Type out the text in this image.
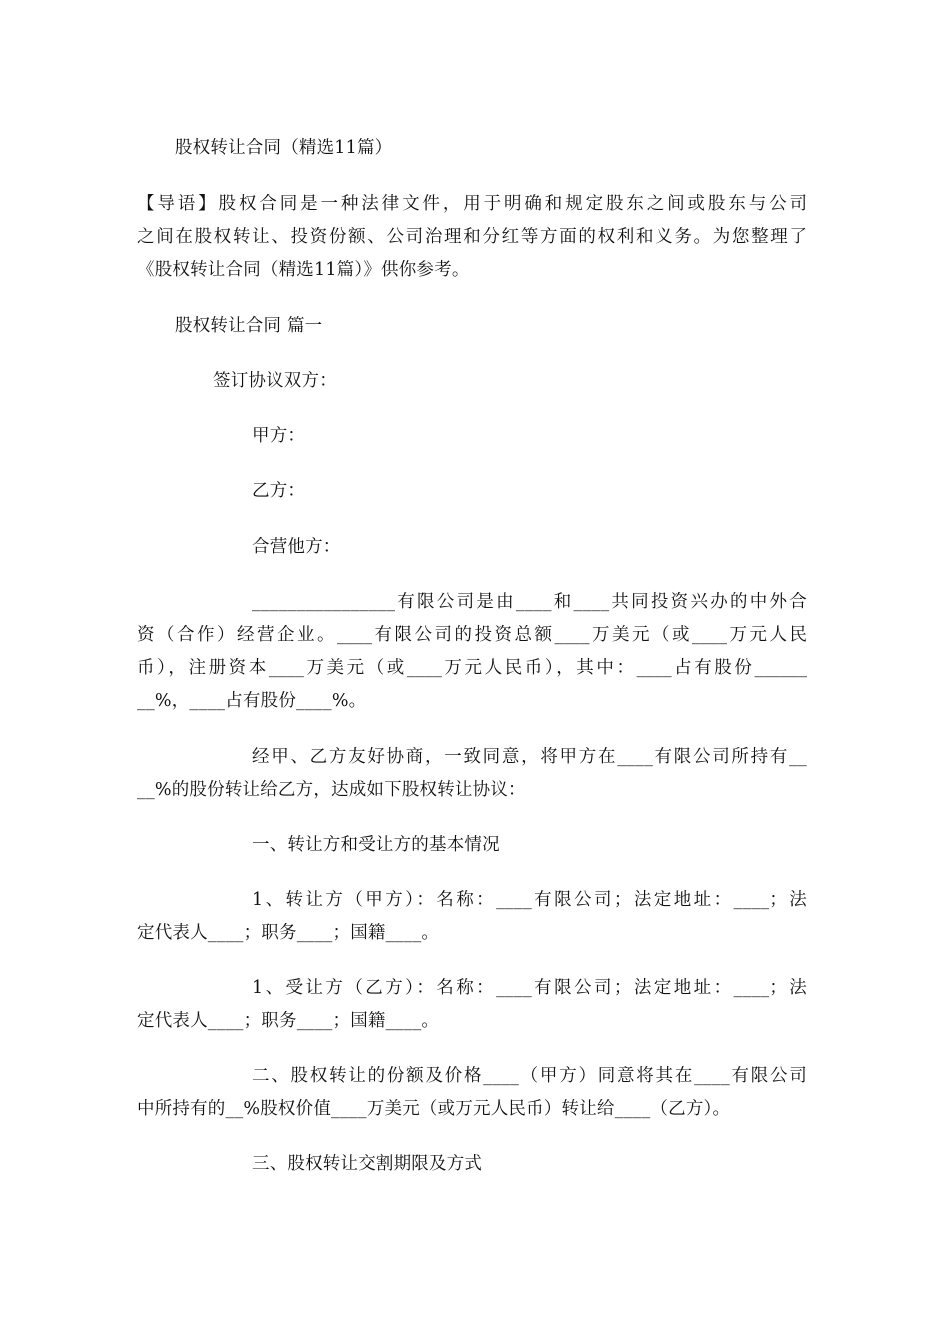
股权转让合同（精选11篇）
【导语】股权合同是一种法律文件，用于明确和规定股东之间或股东与公司
之间在股权转让、投资份额、公司治理和分红等方面的权利和义务。为您整理了
《股权转让合同（精选11篇）》供你参考。
股权转让合同 篇一
签订协议双方：
甲方：
乙方：
合营他方：
________________有限公司是由____和____共同投资兴办的中外合
资（合作）经营企业。____有限公司的投资总额____万美元（或____万元人民
币），注册资本____万美元（或____万元人民币），其中：____占有股份______
__%，____占有股份____%。
经甲、乙方友好协商，一致同意，将甲方在____有限公司所持有__
__%的股份转让给乙方，达成如下股权转让协议：
一、转让方和受让方的基本情况
1、转让方（甲方）：名称：____有限公司；法定地址：____；法
定代表人____；职务____；国籍____。
1、受让方（乙方）：名称：____有限公司；法定地址：____；法
定代表人____；职务____；国籍____。
二、股权转让的份额及价格____（甲方）同意将其在____有限公司
中所持有的__%股权价值____万美元（或万元人民币）转让给____（乙方）。
三、股权转让交割期限及方式
